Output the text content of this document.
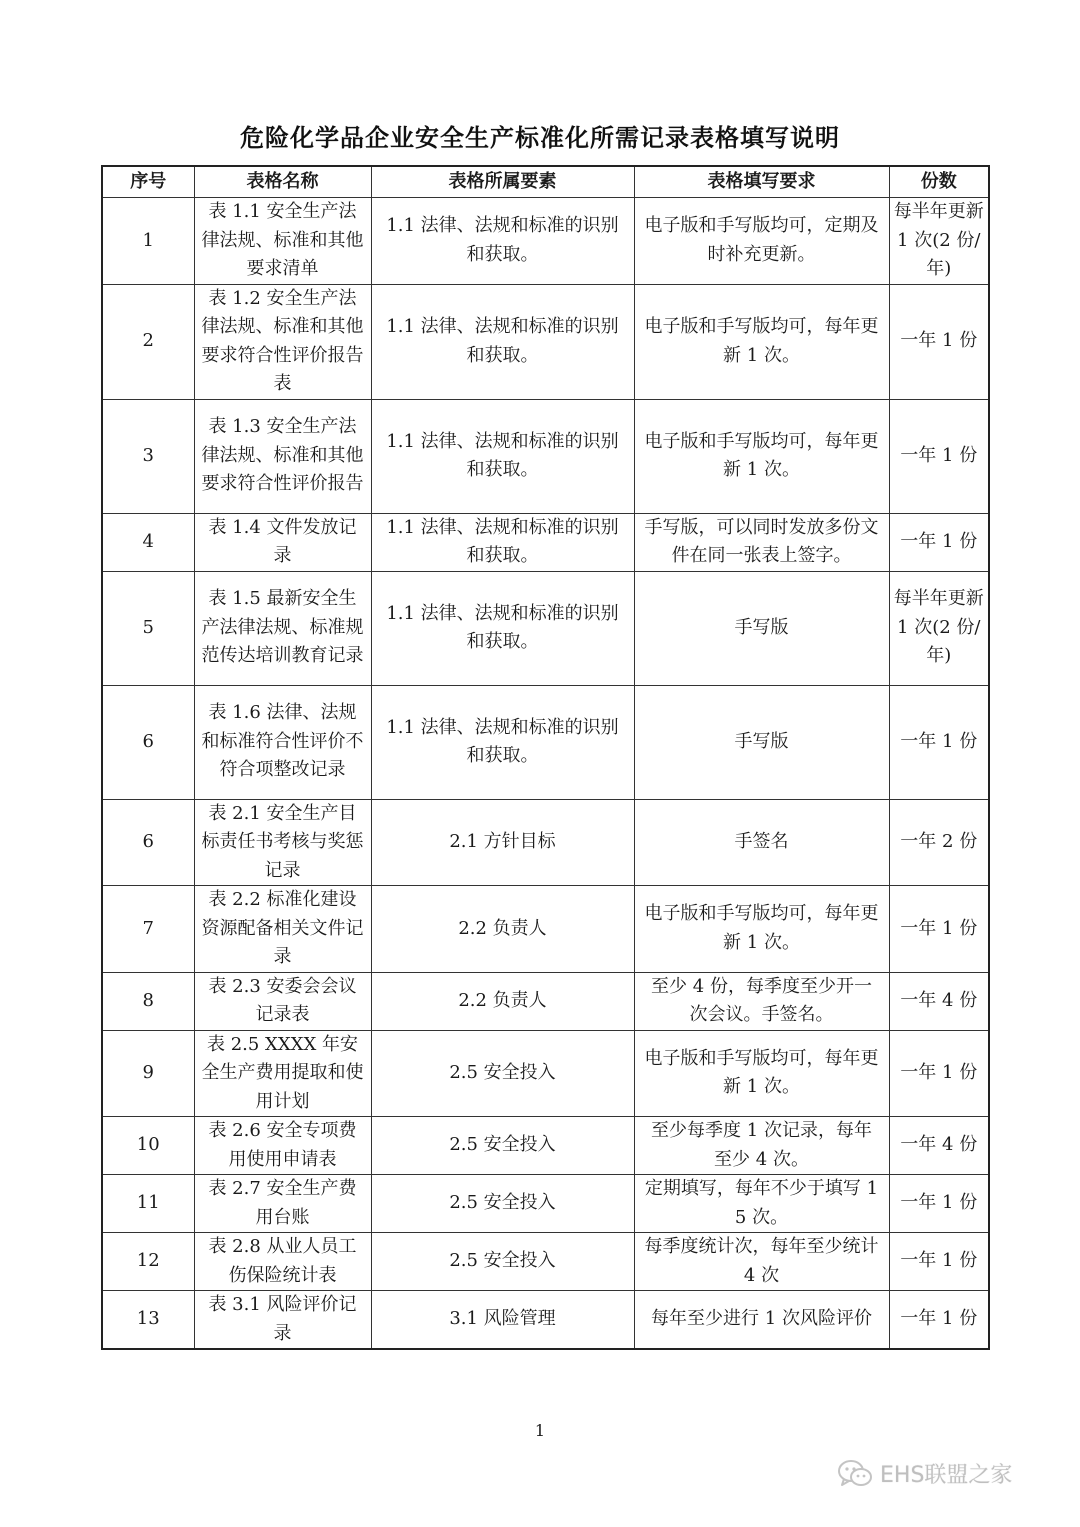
危险化学品企业安全生产标准化所需记录表格填写说明
序号	表格名称	表格所属要素	表格填写要求	份数
1	表 1.1 安全生产法律法规、标准和其他要求清单	1.1 法律、法规和标准的识别和获取。	电子版和手写版均可，定期及时补充更新。	每半年更新 1 次(2 份/年)
2	表 1.2 安全生产法律法规、标准和其他要求符合性评价报告表	1.1 法律、法规和标准的识别和获取。	电子版和手写版均可，每年更新 1 次。	一年 1 份
3	表 1.3 安全生产法律法规、标准和其他要求符合性评价报告	1.1 法律、法规和标准的识别和获取。	电子版和手写版均可，每年更新 1 次。	一年 1 份
4	表 1.4 文件发放记录	1.1 法律、法规和标准的识别和获取。	手写版，可以同时发放多份文件在同一张表上签字。	一年 1 份
5	表 1.5 最新安全生产法律法规、标准规范传达培训教育记录	1.1 法律、法规和标准的识别和获取。	手写版	每半年更新 1 次(2 份/年)
6	表 1.6 法律、法规和标准符合性评价不符合项整改记录	1.1 法律、法规和标准的识别和获取。	手写版	一年 1 份
6	表 2.1 安全生产目标责任书考核与奖惩记录	2.1 方针目标	手签名	一年 2 份
7	表 2.2 标准化建设资源配备相关文件记录	2.2 负责人	电子版和手写版均可，每年更新 1 次。	一年 1 份
8	表 2.3 安委会会议记录表	2.2 负责人	至少 4 份，每季度至少开一次会议。手签名。	一年 4 份
9	表 2.5 XXXX 年安全生产费用提取和使用计划	2.5 安全投入	电子版和手写版均可，每年更新 1 次。	一年 1 份
10	表 2.6 安全专项费用使用申请表	2.5 安全投入	至少每季度 1 次记录，每年至少 4 次。	一年 4 份
11	表 2.7 安全生产费用台账	2.5 安全投入	定期填写，每年不少于填写 15 次。	一年 1 份
12	表 2.8 从业人员工伤保险统计表	2.5 安全投入	每季度统计次，每年至少统计 4 次	一年 1 份
13	表 3.1 风险评价记录	3.1 风险管理	每年至少进行 1 次风险评价	一年 1 份
1
EHS联盟之家
